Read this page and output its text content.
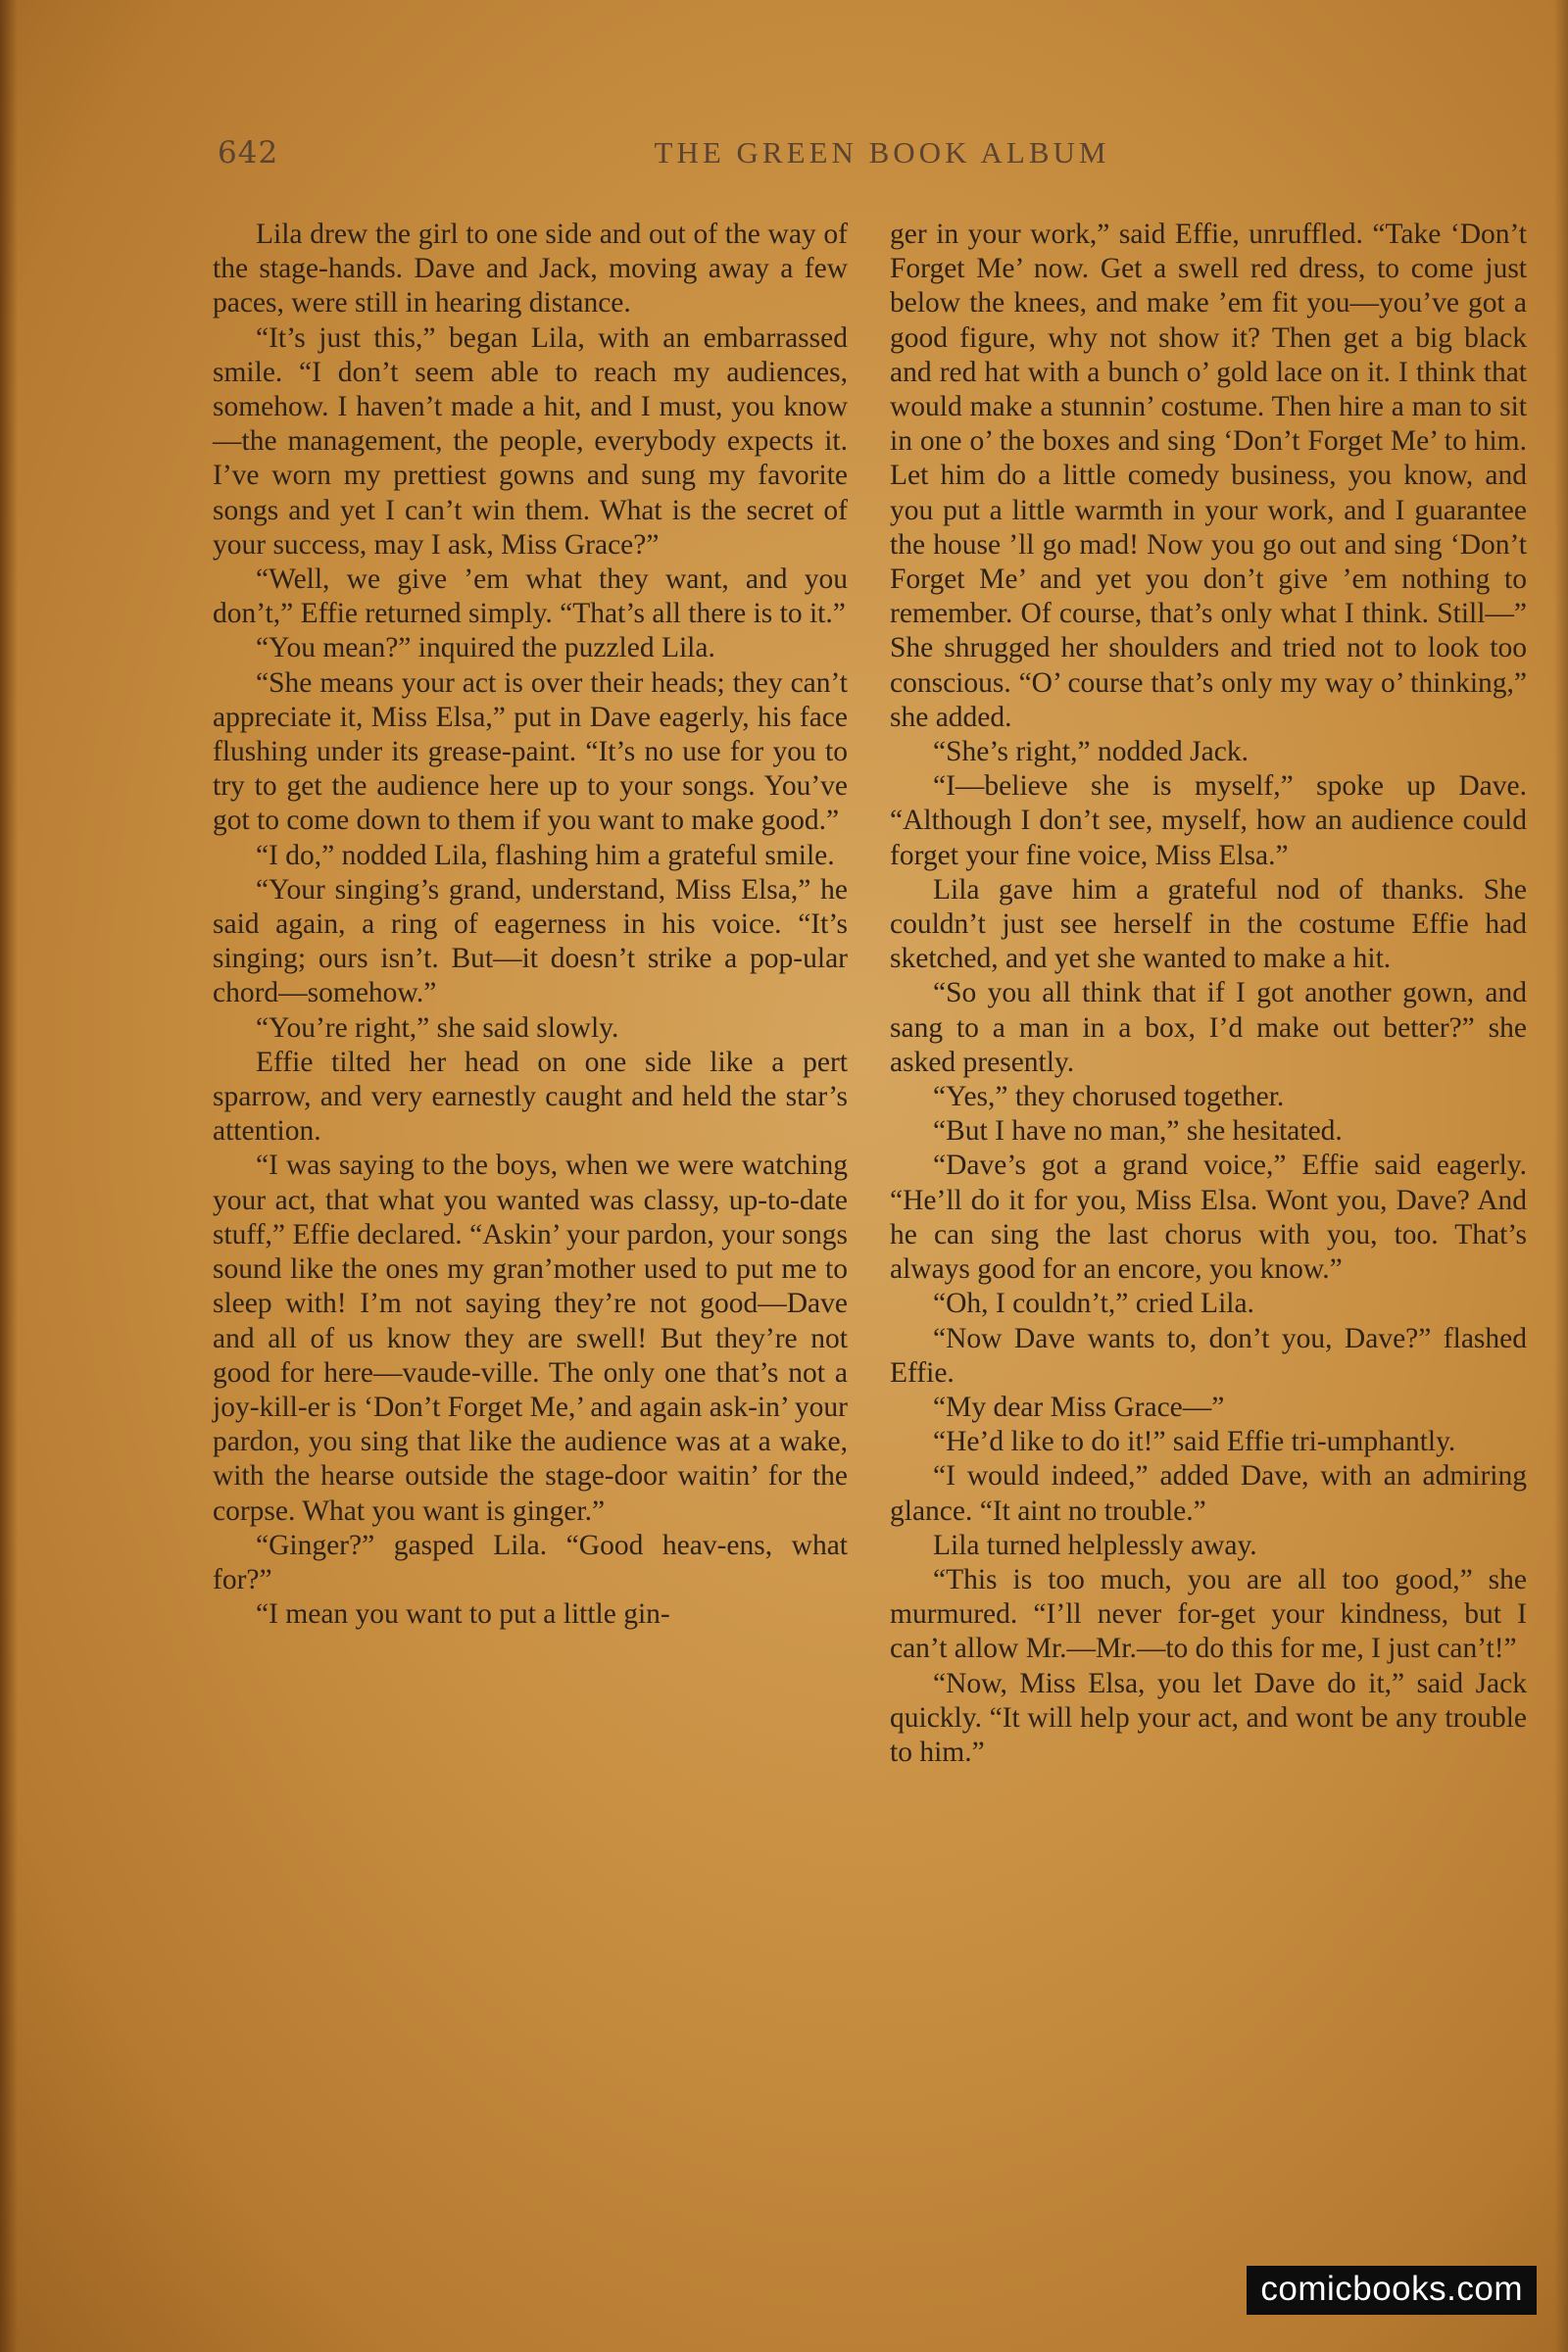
642	THE GREEN BOOK ALBUM

Lila drew the girl to one side and out of the way of the stage-hands. Dave and Jack, moving away a few paces, were still in hearing distance.

“It’s just this,” began Lila, with an embarrassed smile. “I don’t seem able to reach my audiences, somehow. I haven’t made a hit, and I must, you know—the management, the people, everybody expects it. I’ve worn my prettiest gowns and sung my favorite songs and yet I can’t win them. What is the secret of your success, may I ask, Miss Grace?”

“Well, we give ’em what they want, and you don’t,” Effie returned simply. “That’s all there is to it.”

“You mean?” inquired the puzzled Lila.

“She means your act is over their heads; they can’t appreciate it, Miss Elsa,” put in Dave eagerly, his face flushing under its grease-paint. “It’s no use for you to try to get the audience here up to your songs. You’ve got to come down to them if you want to make good.”

“I do,” nodded Lila, flashing him a grateful smile.

“Your singing’s grand, understand, Miss Elsa,” he said again, a ring of eagerness in his voice. “It’s singing; ours isn’t. But—it doesn’t strike a pop-ular chord—somehow.”

“You’re right,” she said slowly.

Effie tilted her head on one side like a pert sparrow, and very earnestly caught and held the star’s attention.

“I was saying to the boys, when we were watching your act, that what you wanted was classy, up-to-date stuff,” Effie declared. “Askin’ your pardon, your songs sound like the ones my gran’mother used to put me to sleep with! I’m not saying they’re not good—Dave and all of us know they are swell! But they’re not good for here—vaude-ville. The only one that’s not a joy-kill-er is ‘Don’t Forget Me,’ and again ask-in’ your pardon, you sing that like the audience was at a wake, with the hearse outside the stage-door waitin’ for the corpse. What you want is ginger.”

“Ginger?” gasped Lila. “Good heav-ens, what for?”

“I mean you want to put a little gin-

ger in your work,” said Effie, unruffled. “Take ‘Don’t Forget Me’ now. Get a swell red dress, to come just below the knees, and make ’em fit you—you’ve got a good figure, why not show it? Then get a big black and red hat with a bunch o’ gold lace on it. I think that would make a stunnin’ costume. Then hire a man to sit in one o’ the boxes and sing ‘Don’t Forget Me’ to him. Let him do a little comedy business, you know, and you put a little warmth in your work, and I guarantee the house ’ll go mad! Now you go out and sing ‘Don’t Forget Me’ and yet you don’t give ’em nothing to remember. Of course, that’s only what I think. Still—” She shrugged her shoulders and tried not to look too conscious. “O’ course that’s only my way o’ thinking,” she added.

“She’s right,” nodded Jack.

“I—believe she is myself,” spoke up Dave. “Although I don’t see, myself, how an audience could forget your fine voice, Miss Elsa.”

Lila gave him a grateful nod of thanks. She couldn’t just see herself in the costume Effie had sketched, and yet she wanted to make a hit.

“So you all think that if I got another gown, and sang to a man in a box, I’d make out better?” she asked presently.

“Yes,” they chorused together.

“But I have no man,” she hesitated.

“Dave’s got a grand voice,” Effie said eagerly. “He’ll do it for you, Miss Elsa. Wont you, Dave? And he can sing the last chorus with you, too. That’s always good for an encore, you know.”

“Oh, I couldn’t,” cried Lila.

“Now Dave wants to, don’t you, Dave?” flashed Effie.

“My dear Miss Grace—”

“He’d like to do it!” said Effie tri-umphantly.

“I would indeed,” added Dave, with an admiring glance. “It aint no trouble.”

Lila turned helplessly away.

“This is too much, you are all too good,” she murmured. “I’ll never for-get your kindness, but I can’t allow Mr.—Mr.—to do this for me, I just can’t!”

“Now, Miss Elsa, you let Dave do it,” said Jack quickly. “It will help your act, and wont be any trouble to him.”

comicbooks.com
